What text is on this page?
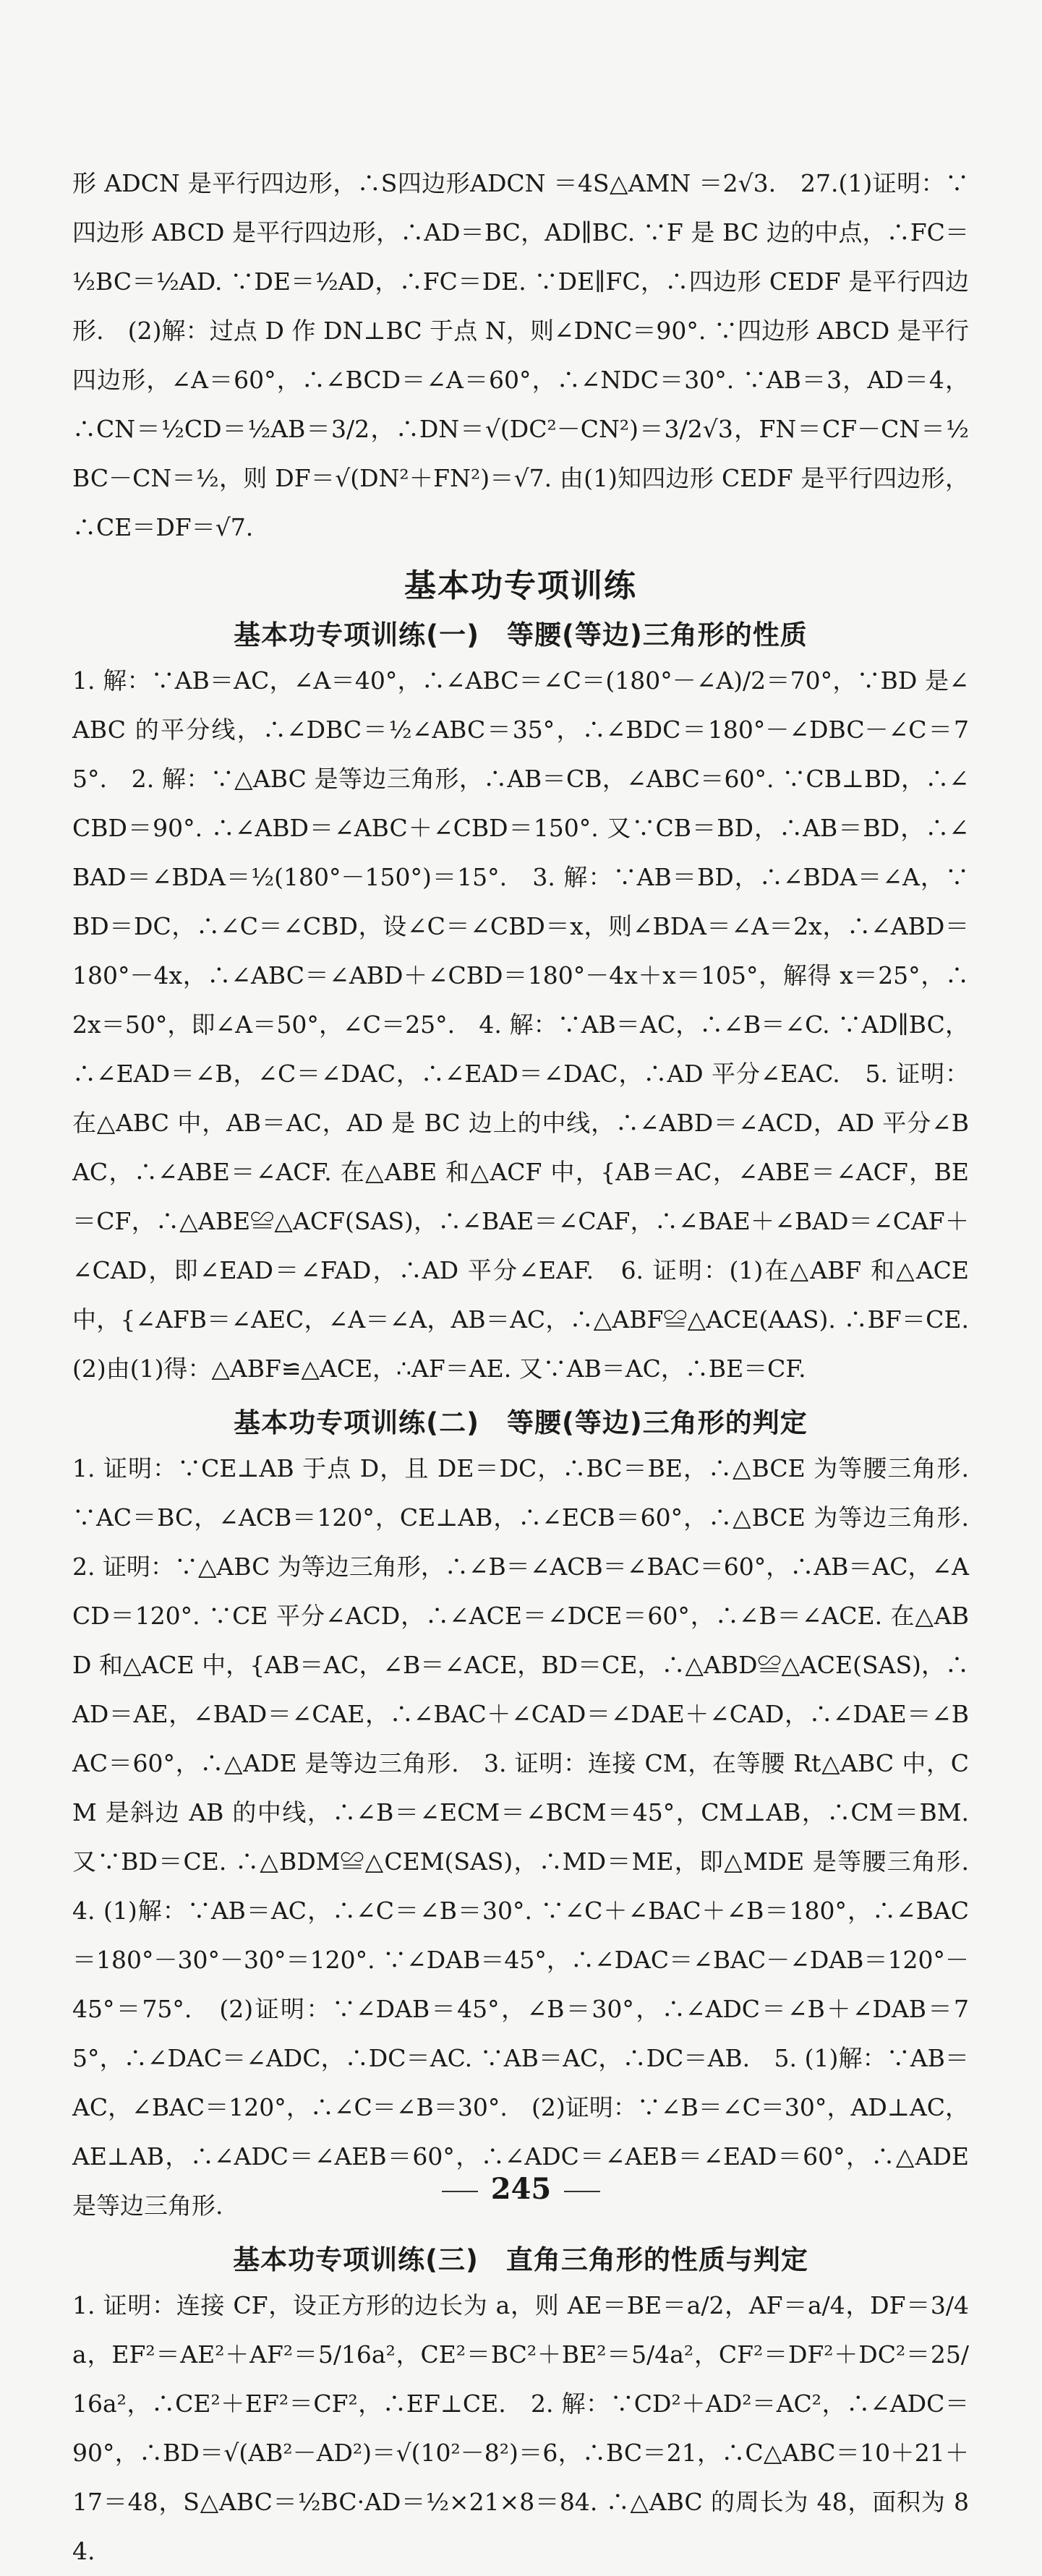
形 ADCN 是平行四边形，∴S四边形ADCN ＝4S△AMN ＝2√3.　27.(1)证明：∵四边形 ABCD 是平行四边形，∴AD＝BC，AD∥BC. ∵F 是 BC 边的中点，∴FC＝½BC＝½AD. ∵DE＝½AD，∴FC＝DE. ∵DE∥FC，∴四边形 CEDF 是平行四边形.　(2)解：过点 D 作 DN⊥BC 于点 N，则∠DNC＝90°. ∵四边形 ABCD 是平行四边形，∠A＝60°，∴∠BCD＝∠A＝60°，∴∠NDC＝30°. ∵AB＝3，AD＝4，∴CN＝½CD＝½AB＝3/2，∴DN＝√(DC²－CN²)＝3/2√3，FN＝CF－CN＝½BC－CN＝½，则 DF＝√(DN²＋FN²)＝√7. 由(1)知四边形 CEDF 是平行四边形，∴CE＝DF＝√7.

基本功专项训练
基本功专项训练(一)　等腰(等边)三角形的性质

1. 解：∵AB＝AC，∠A＝40°，∴∠ABC＝∠C＝(180°－∠A)/2＝70°，∵BD 是∠ABC 的平分线，∴∠DBC＝½∠ABC＝35°，∴∠BDC＝180°－∠DBC－∠C＝75°.　2. 解：∵△ABC 是等边三角形，∴AB＝CB，∠ABC＝60°. ∵CB⊥BD，∴∠CBD＝90°. ∴∠ABD＝∠ABC＋∠CBD＝150°. 又∵CB＝BD，∴AB＝BD，∴∠BAD＝∠BDA＝½(180°－150°)＝15°.　3. 解：∵AB＝BD，∴∠BDA＝∠A，∵BD＝DC，∴∠C＝∠CBD，设∠C＝∠CBD＝x，则∠BDA＝∠A＝2x，∴∠ABD＝180°－4x，∴∠ABC＝∠ABD＋∠CBD＝180°－4x＋x＝105°，解得 x＝25°，∴2x＝50°，即∠A＝50°，∠C＝25°.　4. 解：∵AB＝AC，∴∠B＝∠C. ∵AD∥BC，∴∠EAD＝∠B，∠C＝∠DAC，∴∠EAD＝∠DAC，∴AD 平分∠EAC.　5. 证明：在△ABC 中，AB＝AC，AD 是 BC 边上的中线，∴∠ABD＝∠ACD，AD 平分∠BAC，∴∠ABE＝∠ACF. 在△ABE 和△ACF 中，{AB＝AC，∠ABE＝∠ACF，BE＝CF，∴△ABE≌△ACF(SAS)，∴∠BAE＝∠CAF，∴∠BAE＋∠BAD＝∠CAF＋∠CAD，即∠EAD＝∠FAD，∴AD 平分∠EAF.　6. 证明：(1)在△ABF 和△ACE 中，{∠AFB＝∠AEC，∠A＝∠A，AB＝AC，∴△ABF≌△ACE(AAS). ∴BF＝CE.　(2)由(1)得：△ABF≌△ACE，∴AF＝AE. 又∵AB＝AC，∴BE＝CF.

基本功专项训练(二)　等腰(等边)三角形的判定

1. 证明：∵CE⊥AB 于点 D，且 DE＝DC，∴BC＝BE，∴△BCE 为等腰三角形. ∵AC＝BC，∠ACB＝120°，CE⊥AB，∴∠ECB＝60°，∴△BCE 为等边三角形.　2. 证明：∵△ABC 为等边三角形，∴∠B＝∠ACB＝∠BAC＝60°，∴AB＝AC，∠ACD＝120°. ∵CE 平分∠ACD，∴∠ACE＝∠DCE＝60°，∴∠B＝∠ACE. 在△ABD 和△ACE 中，{AB＝AC，∠B＝∠ACE，BD＝CE，∴△ABD≌△ACE(SAS)，∴AD＝AE，∠BAD＝∠CAE，∴∠BAC＋∠CAD＝∠DAE＋∠CAD，∴∠DAE＝∠BAC＝60°，∴△ADE 是等边三角形.　3. 证明：连接 CM，在等腰 Rt△ABC 中，CM 是斜边 AB 的中线，∴∠B＝∠ECM＝∠BCM＝45°，CM⊥AB，∴CM＝BM. 又∵BD＝CE. ∴△BDM≌△CEM(SAS)，∴MD＝ME，即△MDE 是等腰三角形.　4. (1)解：∵AB＝AC，∴∠C＝∠B＝30°. ∵∠C＋∠BAC＋∠B＝180°，∴∠BAC＝180°－30°－30°＝120°. ∵∠DAB＝45°，∴∠DAC＝∠BAC－∠DAB＝120°－45°＝75°.　(2)证明：∵∠DAB＝45°，∠B＝30°，∴∠ADC＝∠B＋∠DAB＝75°，∴∠DAC＝∠ADC，∴DC＝AC. ∵AB＝AC，∴DC＝AB.　5. (1)解：∵AB＝AC，∠BAC＝120°，∴∠C＝∠B＝30°.　(2)证明：∵∠B＝∠C＝30°，AD⊥AC，AE⊥AB，∴∠ADC＝∠AEB＝60°，∴∠ADC＝∠AEB＝∠EAD＝60°，∴△ADE 是等边三角形.

基本功专项训练(三)　直角三角形的性质与判定

1. 证明：连接 CF，设正方形的边长为 a，则 AE＝BE＝a/2，AF＝a/4，DF＝3/4a，EF²＝AE²＋AF²＝5/16a²，CE²＝BC²＋BE²＝5/4a²，CF²＝DF²＋DC²＝25/16a²，∴CE²＋EF²＝CF²，∴EF⊥CE.　2. 解：∵CD²＋AD²＝AC²，∴∠ADC＝90°，∴BD＝√(AB²－AD²)＝√(10²－8²)＝6，∴BC＝21，∴C△ABC＝10＋21＋17＝48，S△ABC＝½BC·AD＝½×21×8＝84. ∴△ABC 的周长为 48，面积为 84.

245
